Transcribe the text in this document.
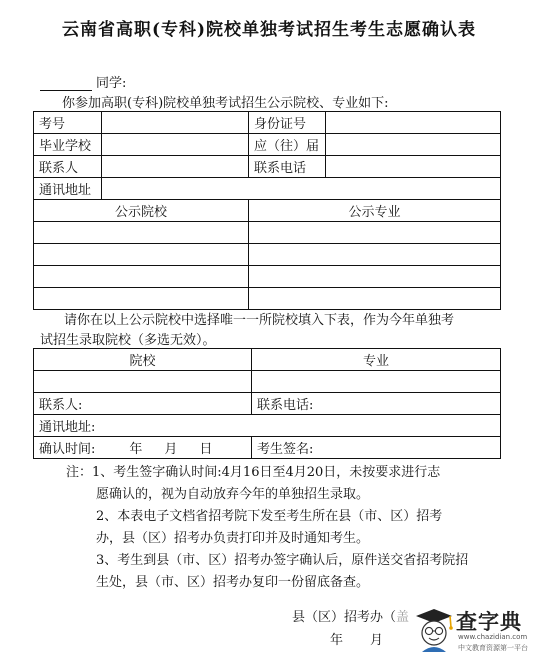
云南省高职(专科)院校单独考试招生考生志愿确认表
同学:
你参加高职(专科)院校单独考试招生公示院校、专业如下:
考号		身份证号	
毕业学校		应（往）届	
联系人		联系电话	
通讯地址			
公示院校		公示专业	

请你在以上公示院校中选择唯一一所院校填入下表，作为今年单独考
试招生录取院校（多选无效）。
院校	专业

联系人:	联系电话:
通讯地址:	
确认时间: 年 月 日	考生签名:
注：1、考生签字确认时间:4月16日至4月20日，未按要求进行志
愿确认的，视为自动放弃今年的单独招生录取。
2、本表电子文档省招考院下发至考生所在县（市、区）招考
办，县（区）招考办负责打印并及时通知考生。
3、考生到县（市、区）招考办签字确认后，原件送交省招考院招
生处，县（市、区）招考办复印一份留底备查。
县（区）招考办（盖
年 月
查字典
www.chazidian.com
中文教育资源第一平台
